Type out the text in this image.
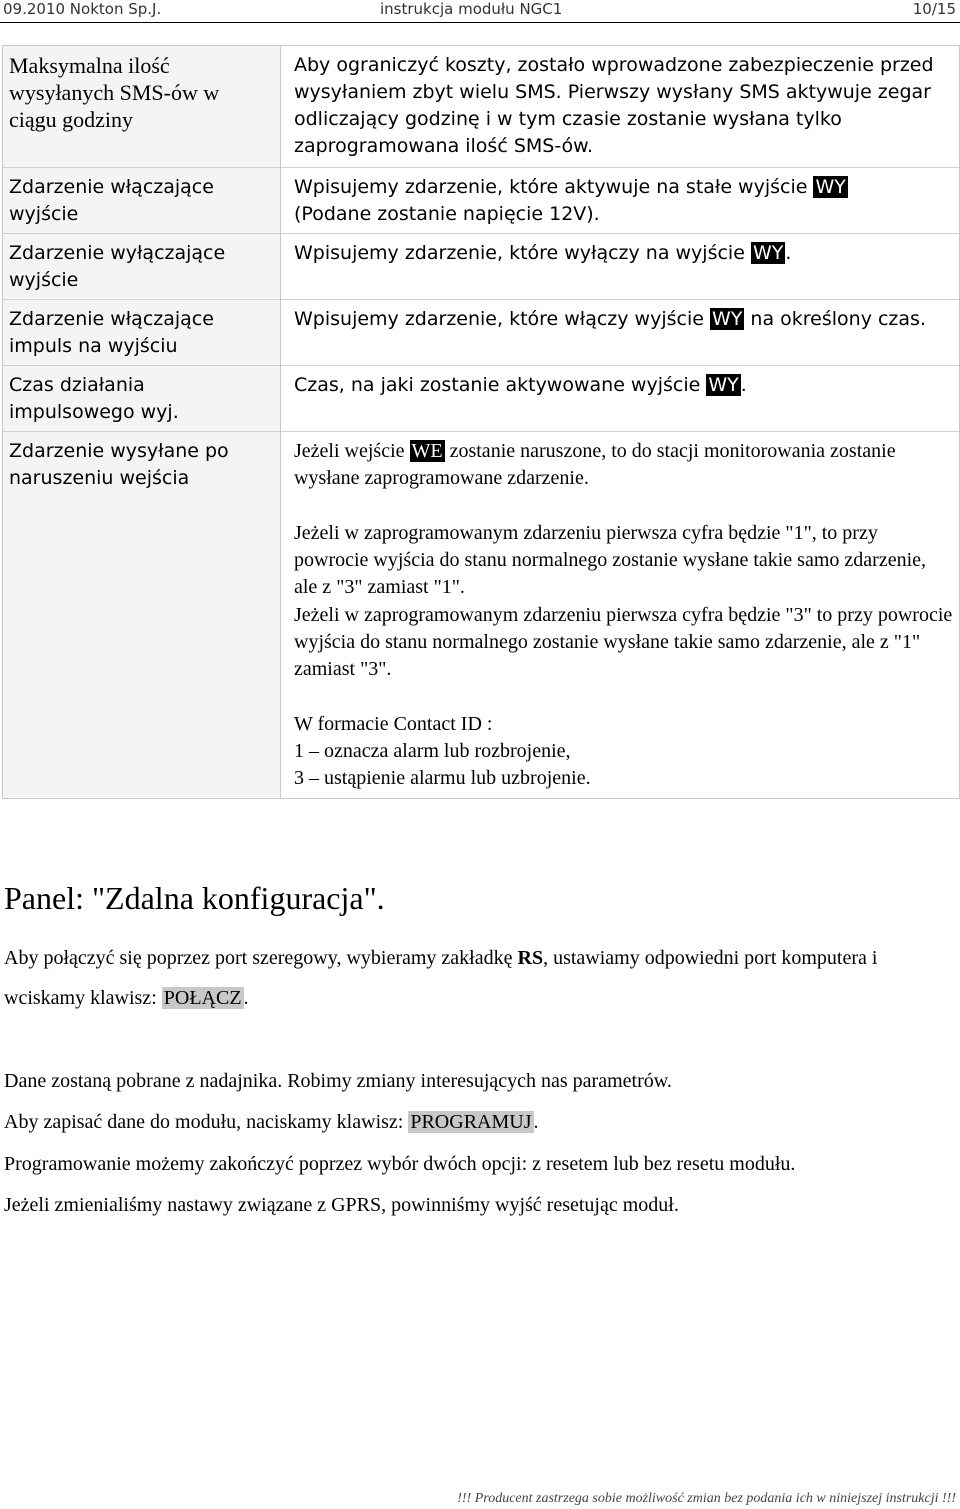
09.2010 Nokton Sp.J.	instrukcja modułu NGC1	10/15
Maksymalna ilość wysyłanych SMS-ów w ciągu godziny
Aby ograniczyć koszty, zostało wprowadzone zabezpieczenie przed wysyłaniem zbyt wielu SMS. Pierwszy wysłany SMS aktywuje zegar odliczający godzinę i w tym czasie zostanie wysłana tylko zaprogramowana ilość SMS-ów.
Zdarzenie włączające wyjście
Wpisujemy zdarzenie, które aktywuje na stałe wyjście WY
(Podane zostanie napięcie 12V).
Zdarzenie wyłączające wyjście
Wpisujemy zdarzenie, które wyłączy na wyjście WY .
Zdarzenie włączające impuls na wyjściu
Wpisujemy zdarzenie, które włączy wyjście WY na określony czas.
Czas działania impulsowego wyj.
Czas, na jaki zostanie aktywowane wyjście WY .
Zdarzenie wysyłane po naruszeniu wejścia
Jeżeli wejście WE zostanie naruszone, to do stacji monitorowania zostanie wysłane zaprogramowane zdarzenie.
Jeżeli w zaprogramowanym zdarzeniu pierwsza cyfra będzie "1", to przy powrocie wyjścia do stanu normalnego zostanie wysłane takie samo zdarzenie, ale z "3" zamiast "1".
Jeżeli w zaprogramowanym zdarzeniu pierwsza cyfra będzie "3" to przy powrocie wyjścia do stanu normalnego zostanie wysłane takie samo zdarzenie, ale z "1" zamiast "3".
W formacie Contact ID :
1 – oznacza alarm lub rozbrojenie,
3 – ustąpienie alarmu lub uzbrojenie.
Panel: "Zdalna konfiguracja".
Aby połączyć się poprzez port szeregowy, wybieramy zakładkę RS, ustawiamy odpowiedni port komputera i wciskamy klawisz: POŁĄCZ .
Dane zostaną pobrane z nadajnika. Robimy zmiany interesujących nas parametrów.
Aby zapisać dane do modułu, naciskamy klawisz: PROGRAMUJ .
Programowanie możemy zakończyć poprzez wybór dwóch opcji: z resetem lub bez resetu modułu.
Jeżeli zmienialiśmy nastawy związane z GPRS, powinniśmy wyjść resetując moduł.
!!! Producent zastrzega sobie możliwość zmian bez podania ich w niniejszej instrukcji !!!
